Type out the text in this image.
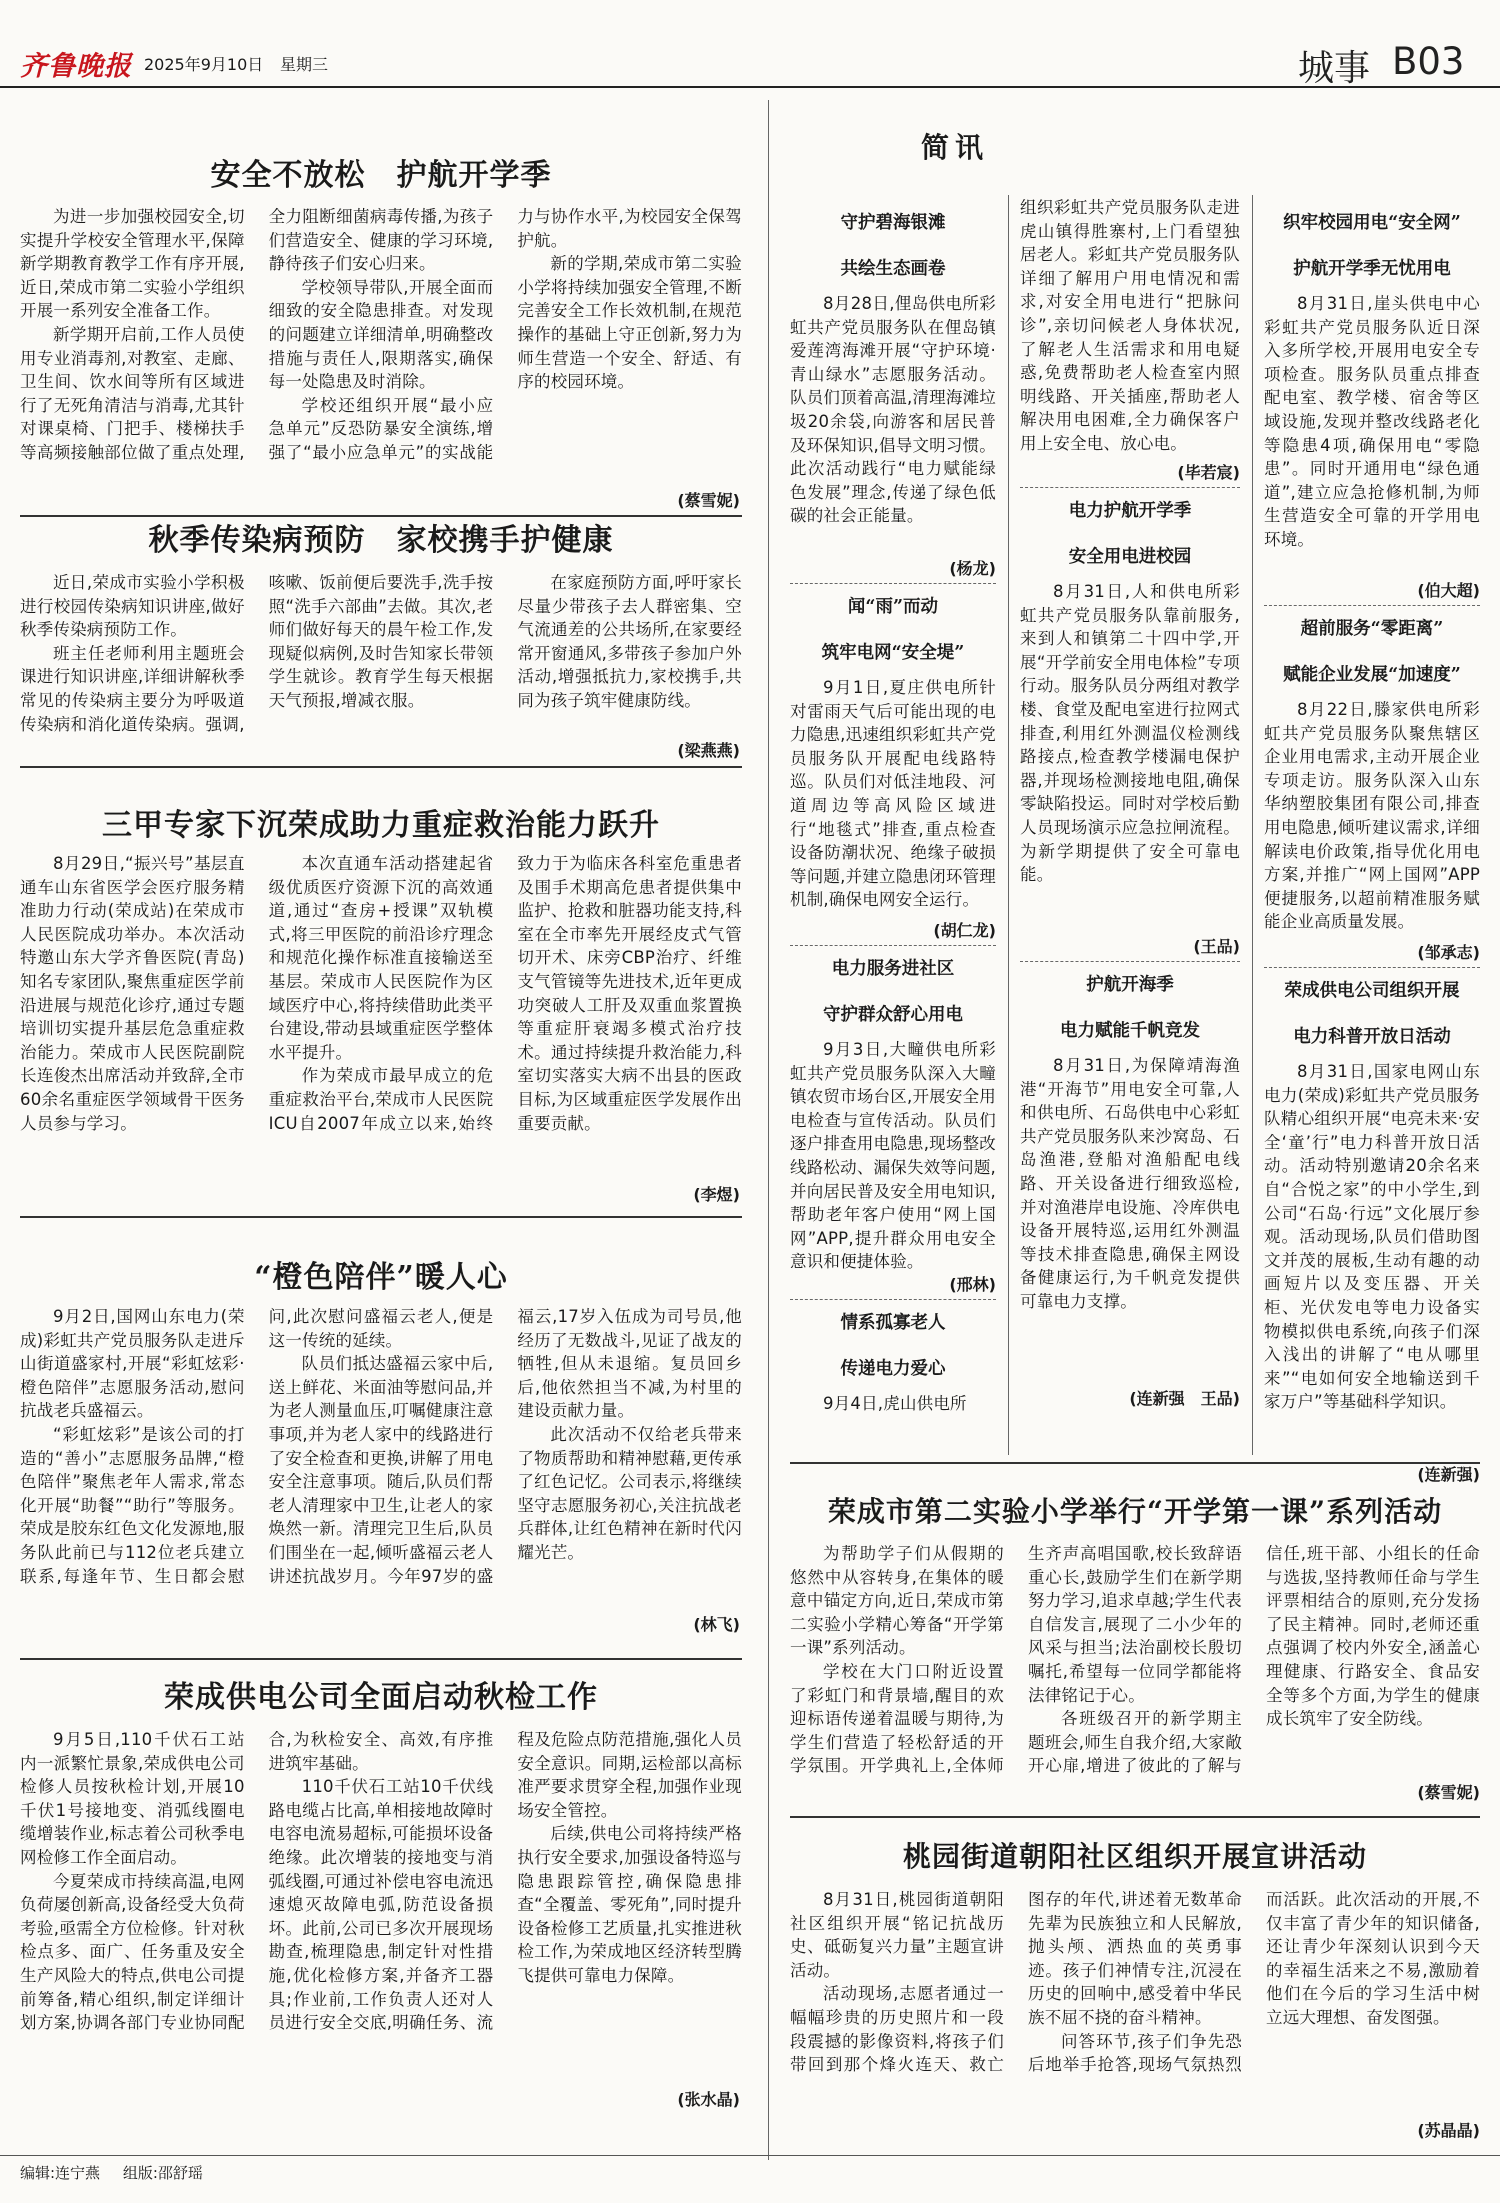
齐鲁晚报 2025年9月10日 星期三	城事 B03
安全不放松　护航开学季

为进一步加强校园安全,切实提升学校安全管理水平,保障新学期教育教学工作有序开展,近日,荣成市第二实验小学组织开展一系列安全准备工作。

新学期开启前,工作人员使用专业消毒剂,对教室、走廊、卫生间、饮水间等所有区域进行了无死角清洁与消毒,尤其针对课桌椅、门把手、楼梯扶手等高频接触部位做了重点处理,全力阻断细菌病毒传播,为孩子们营造安全、健康的学习环境,静待孩子们安心归来。

学校领导带队,开展全面而细致的安全隐患排查。对发现的问题建立详细清单,明确整改措施与责任人,限期落实,确保每一处隐患及时消除。

学校还组织开展“最小应急单元”反恐防暴安全演练,增强了“最小应急单元”的实战能力与协作水平,为校园安全保驾护航。

新的学期,荣成市第二实验小学将持续加强安全管理,不断完善安全工作长效机制,在规范操作的基础上守正创新,努力为师生营造一个安全、舒适、有序的校园环境。

(蔡雪妮)
秋季传染病预防　家校携手护健康

近日,荣成市实验小学积极进行校园传染病知识讲座,做好秋季传染病预防工作。

班主任老师利用主题班会课进行知识讲座,详细讲解秋季常见的传染病主要分为呼吸道传染病和消化道传染病。强调,咳嗽、饭前便后要洗手,洗手按照“洗手六部曲”去做。其次,老师们做好每天的晨午检工作,发现疑似病例,及时告知家长带领学生就诊。教育学生每天根据天气预报,增减衣服。

在家庭预防方面,呼吁家长尽量少带孩子去人群密集、空气流通差的公共场所,在家要经常开窗通风,多带孩子参加户外活动,增强抵抗力,家校携手,共同为孩子筑牢健康防线。

(梁燕燕)
三甲专家下沉荣成助力重症救治能力跃升

8月29日,“振兴号”基层直通车山东省医学会医疗服务精准助力行动(荣成站)在荣成市人民医院成功举办。本次活动特邀山东大学齐鲁医院(青岛)知名专家团队,聚焦重症医学前沿进展与规范化诊疗,通过专题培训切实提升基层危急重症救治能力。荣成市人民医院副院长连俊杰出席活动并致辞,全市60余名重症医学领域骨干医务人员参与学习。

本次直通车活动搭建起省级优质医疗资源下沉的高效通道,通过“查房+授课”双轨模式,将三甲医院的前沿诊疗理念和规范化操作标准直接输送至基层。荣成市人民医院作为区域医疗中心,将持续借助此类平台建设,带动县域重症医学整体水平提升。

作为荣成市最早成立的危重症救治平台,荣成市人民医院ICU自2007年成立以来,始终致力于为临床各科室危重患者及围手术期高危患者提供集中监护、抢救和脏器功能支持,科室在全市率先开展经皮式气管切开术、床旁CBP治疗、纤维支气管镜等先进技术,近年更成功突破人工肝及双重血浆置换等重症肝衰竭多模式治疗技术。通过持续提升救治能力,科室切实落实大病不出县的医政目标,为区域重症医学发展作出重要贡献。

(李煜)
“橙色陪伴”暖人心

9月2日,国网山东电力(荣成)彩虹共产党员服务队走进斥山街道盛家村,开展“彩虹炫彩·橙色陪伴”志愿服务活动,慰问抗战老兵盛福云。

“彩虹炫彩”是该公司的打造的“善小”志愿服务品牌,“橙色陪伴”聚焦老年人需求,常态化开展“助餐”“助行”等服务。荣成是胶东红色文化发源地,服务队此前已与112位老兵建立联系,每逢年节、生日都会慰问,此次慰问盛福云老人,便是这一传统的延续。

队员们抵达盛福云家中后,送上鲜花、米面油等慰问品,并为老人测量血压,叮嘱健康注意事项,并为老人家中的线路进行了安全检查和更换,讲解了用电安全注意事项。随后,队员们帮老人清理家中卫生,让老人的家焕然一新。清理完卫生后,队员们围坐在一起,倾听盛福云老人讲述抗战岁月。今年97岁的盛福云,17岁入伍成为司号员,他经历了无数战斗,见证了战友的牺牲,但从未退缩。复员回乡后,他依然担当不减,为村里的建设贡献力量。

此次活动不仅给老兵带来了物质帮助和精神慰藉,更传承了红色记忆。公司表示,将继续坚守志愿服务初心,关注抗战老兵群体,让红色精神在新时代闪耀光芒。

(林飞)
荣成供电公司全面启动秋检工作

9月5日,110千伏石工站内一派繁忙景象,荣成供电公司检修人员按秋检计划,开展10千伏1号接地变、消弧线圈电缆增装作业,标志着公司秋季电网检修工作全面启动。

今夏荣成市持续高温,电网负荷屡创新高,设备经受大负荷考验,亟需全方位检修。针对秋检点多、面广、任务重及安全生产风险大的特点,供电公司提前筹备,精心组织,制定详细计划方案,协调各部门专业协同配合,为秋检安全、高效,有序推进筑牢基础。

110千伏石工站10千伏线路电缆占比高,单相接地故障时电容电流易超标,可能损坏设备绝缘。此次增装的接地变与消弧线圈,可通过补偿电容电流迅速熄灭故障电弧,防范设备损坏。此前,公司已多次开展现场勘查,梳理隐患,制定针对性措施,优化检修方案,并备齐工器具;作业前,工作负责人还对人员进行安全交底,明确任务、流程及危险点防范措施,强化人员安全意识。同期,运检部以高标准严要求贯穿全程,加强作业现场安全管控。

后续,供电公司将持续严格执行安全要求,加强设备特巡与隐患跟踪管控,确保隐患排查“全覆盖、零死角”,同时提升设备检修工艺质量,扎实推进秋检工作,为荣成地区经济转型腾飞提供可靠电力保障。

(张水晶)
简讯
守护碧海银滩
共绘生态画卷

8月28日,俚岛供电所彩虹共产党员服务队在俚岛镇爱莲湾海滩开展“守护环境·青山绿水”志愿服务活动。队员们顶着高温,清理海滩垃圾20余袋,向游客和居民普及环保知识,倡导文明习惯。此次活动践行“电力赋能绿色发展”理念,传递了绿色低碳的社会正能量。

(杨龙)
闻“雨”而动
筑牢电网“安全堤”

9月1日,夏庄供电所针对雷雨天气后可能出现的电力隐患,迅速组织彩虹共产党员服务队开展配电线路特巡。队员们对低洼地段、河道周边等高风险区域进行“地毯式”排查,重点检查设备防潮状况、绝缘子破损等问题,并建立隐患闭环管理机制,确保电网安全运行。

(胡仁龙)
电力服务进社区
守护群众舒心用电

9月3日,大疃供电所彩虹共产党员服务队深入大疃镇农贸市场台区,开展安全用电检查与宣传活动。队员们逐户排查用电隐患,现场整改线路松动、漏保失效等问题,并向居民普及安全用电知识,帮助老年客户使用“网上国网”APP,提升群众用电安全意识和便捷体验。

(邢林)
情系孤寡老人
传递电力爱心

9月4日,虎山供电所

组织彩虹共产党员服务队走进虎山镇得胜寨村,上门看望独居老人。彩虹共产党员服务队详细了解用户用电情况和需求,对安全用电进行“把脉问诊”,亲切问候老人身体状况,了解老人生活需求和用电疑惑,免费帮助老人检查室内照明线路、开关插座,帮助老人解决用电困难,全力确保客户用上安全电、放心电。

(毕若宸)
电力护航开学季
安全用电进校园

8月31日,人和供电所彩虹共产党员服务队靠前服务,来到人和镇第二十四中学,开展“开学前安全用电体检”专项行动。服务队员分两组对教学楼、食堂及配电室进行拉网式排查,利用红外测温仪检测线路接点,检查教学楼漏电保护器,并现场检测接地电阻,确保零缺陷投运。同时对学校后勤人员现场演示应急拉闸流程。为新学期提供了安全可靠电能。

(王品)
护航开海季
电力赋能千帆竞发

8月31日,为保障靖海渔港“开海节”用电安全可靠,人和供电所、石岛供电中心彩虹共产党员服务队来沙窝岛、石岛渔港,登船对渔船配电线路、开关设备进行细致巡检,并对渔港岸电设施、冷库供电设备开展特巡,运用红外测温等技术排查隐患,确保主网设备健康运行,为千帆竞发提供可靠电力支撑。

(连新强　王品)
织牢校园用电“安全网”
护航开学季无忧用电

8月31日,崖头供电中心彩虹共产党员服务队近日深入多所学校,开展用电安全专项检查。服务队员重点排查配电室、教学楼、宿舍等区域设施,发现并整改线路老化等隐患4项,确保用电“零隐患”。同时开通用电“绿色通道”,建立应急抢修机制,为师生营造安全可靠的开学用电环境。

(伯大超)
超前服务“零距离”
赋能企业发展“加速度”

8月22日,滕家供电所彩虹共产党员服务队聚焦辖区企业用电需求,主动开展企业专项走访。服务队深入山东华纳塑胶集团有限公司,排查用电隐患,倾听建议需求,详细解读电价政策,指导优化用电方案,并推广“网上国网”APP便捷服务,以超前精准服务赋能企业高质量发展。

(邹承志)
荣成供电公司组织开展
电力科普开放日活动

8月31日,国家电网山东电力(荣成)彩虹共产党员服务队精心组织开展“电亮未来·安全‘童’行”电力科普开放日活动。活动特别邀请20余名来自“合悦之家”的中小学生,到公司“石岛·行远”文化展厅参观。活动现场,队员们借助图文并茂的展板,生动有趣的动画短片以及变压器、开关柜、光伏发电等电力设备实物模拟供电系统,向孩子们深入浅出的讲解了“电从哪里来”“电如何安全地输送到千家万户”等基础科学知识。

(连新强)
荣成市第二实验小学举行“开学第一课”系列活动

为帮助学子们从假期的悠然中从容转身,在集体的暖意中锚定方向,近日,荣成市第二实验小学精心筹备“开学第一课”系列活动。

学校在大门口附近设置了彩虹门和背景墙,醒目的欢迎标语传递着温暖与期待,为学生们营造了轻松舒适的开学氛围。开学典礼上,全体师生齐声高唱国歌,校长致辞语重心长,鼓励学生们在新学期努力学习,追求卓越;学生代表自信发言,展现了二小少年的风采与担当;法治副校长殷切嘱托,希望每一位同学都能将法律铭记于心。

各班级召开的新学期主题班会,师生自我介绍,大家敞开心扉,增进了彼此的了解与信任,班干部、小组长的任命与选拔,坚持教师任命与学生评票相结合的原则,充分发扬了民主精神。同时,老师还重点强调了校内外安全,涵盖心理健康、行路安全、食品安全等多个方面,为学生的健康成长筑牢了安全防线。

(蔡雪妮)
桃园街道朝阳社区组织开展宣讲活动

8月31日,桃园街道朝阳社区组织开展“铭记抗战历史、砥砺复兴力量”主题宣讲活动。

活动现场,志愿者通过一幅幅珍贵的历史照片和一段段震撼的影像资料,将孩子们带回到那个烽火连天、救亡图存的年代,讲述着无数革命先辈为民族独立和人民解放,抛头颅、洒热血的英勇事迹。孩子们神情专注,沉浸在历史的回响中,感受着中华民族不屈不挠的奋斗精神。

问答环节,孩子们争先恐后地举手抢答,现场气氛热烈而活跃。此次活动的开展,不仅丰富了青少年的知识储备,还让青少年深刻认识到今天的幸福生活来之不易,激励着他们在今后的学习生活中树立远大理想、奋发图强。

(苏晶晶)
编辑:连宁燕 组版:邵舒瑶
